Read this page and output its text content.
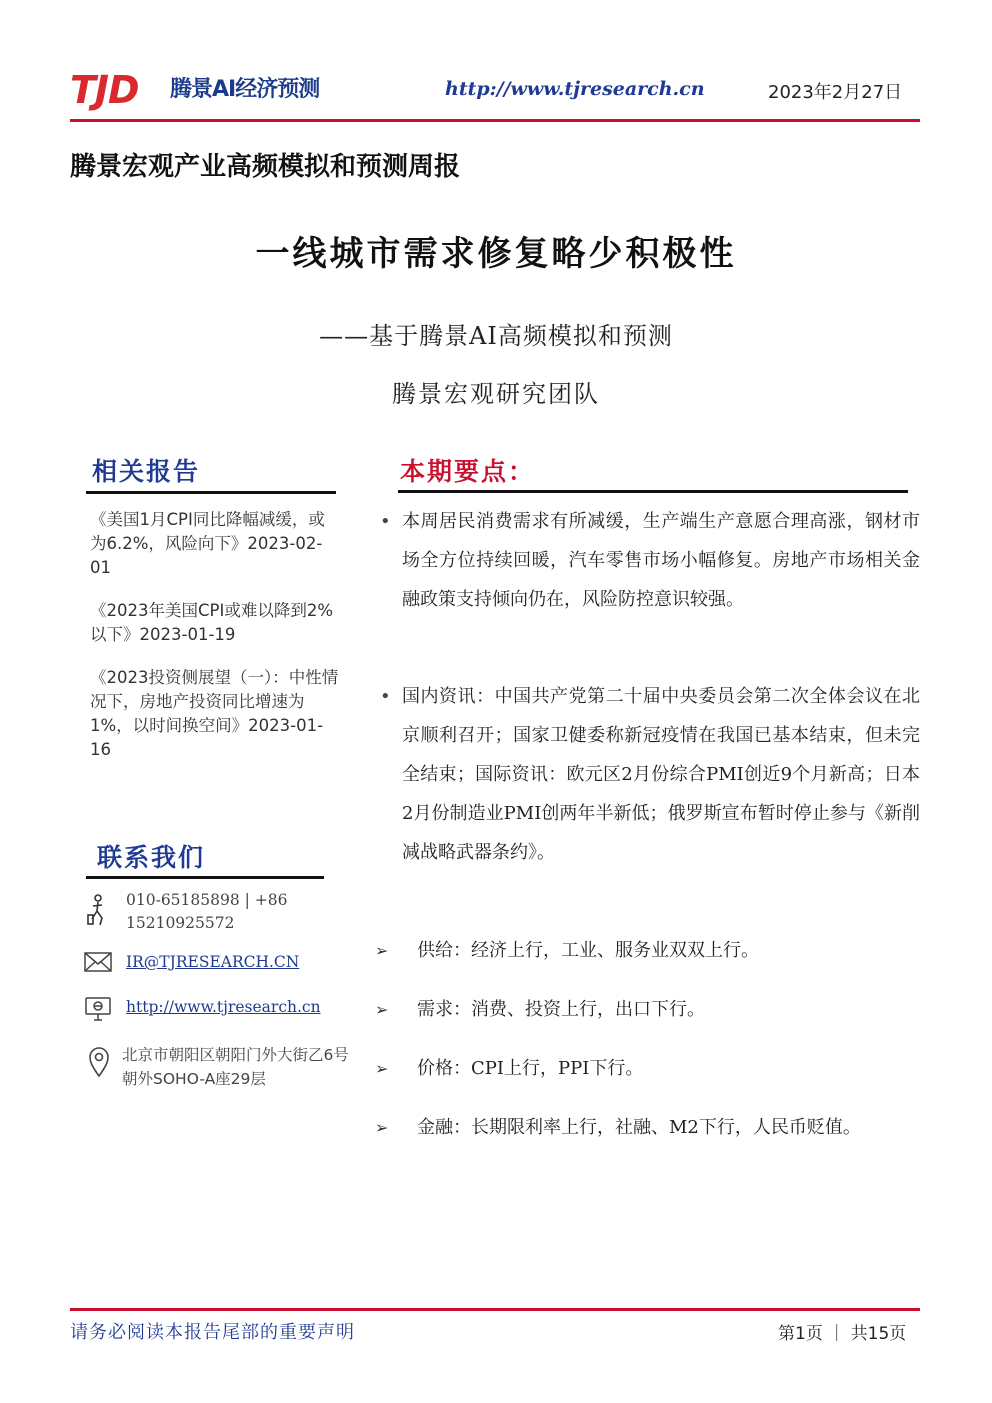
TJD 腾景AI经济预测	http://www.tjresearch.cn	2023年2月27日
腾景宏观产业高频模拟和预测周报
一线城市需求修复略少积极性
——基于腾景AI高频模拟和预测
腾景宏观研究团队
相关报告
《美国1月CPI同比降幅减缓，或为6.2%，风险向下》2023-02-01
《2023年美国CPI或难以降到2%以下》2023-01-19
《2023投资侧展望（一）：中性情况下，房地产投资同比增速为1%，以时间换空间》2023-01-16
联系我们
010-65185898 | +86 15210925572
IR@TJRESEARCH.CN
http://www.tjresearch.cn
北京市朝阳区朝阳门外大街乙6号朝外SOHO-A座29层
本期要点：
• 本周居民消费需求有所减缓，生产端生产意愿合理高涨，钢材市场全方位持续回暖，汽车零售市场小幅修复。房地产市场相关金融政策支持倾向仍在，风险防控意识较强。
• 国内资讯：中国共产党第二十届中央委员会第二次全体会议在北京顺利召开；国家卫健委称新冠疫情在我国已基本结束，但未完全结束；国际资讯：欧元区2月份综合PMI创近9个月新高；日本2月份制造业PMI创两年半新低；俄罗斯宣布暂时停止参与《新削减战略武器条约》。
➢ 供给：经济上行，工业、服务业双双上行。
➢ 需求：消费、投资上行，出口下行。
➢ 价格：CPI上行，PPI下行。
➢ 金融：长期限利率上行，社融、M2下行，人民币贬值。
请务必阅读本报告尾部的重要声明	第1页 ｜ 共15页
